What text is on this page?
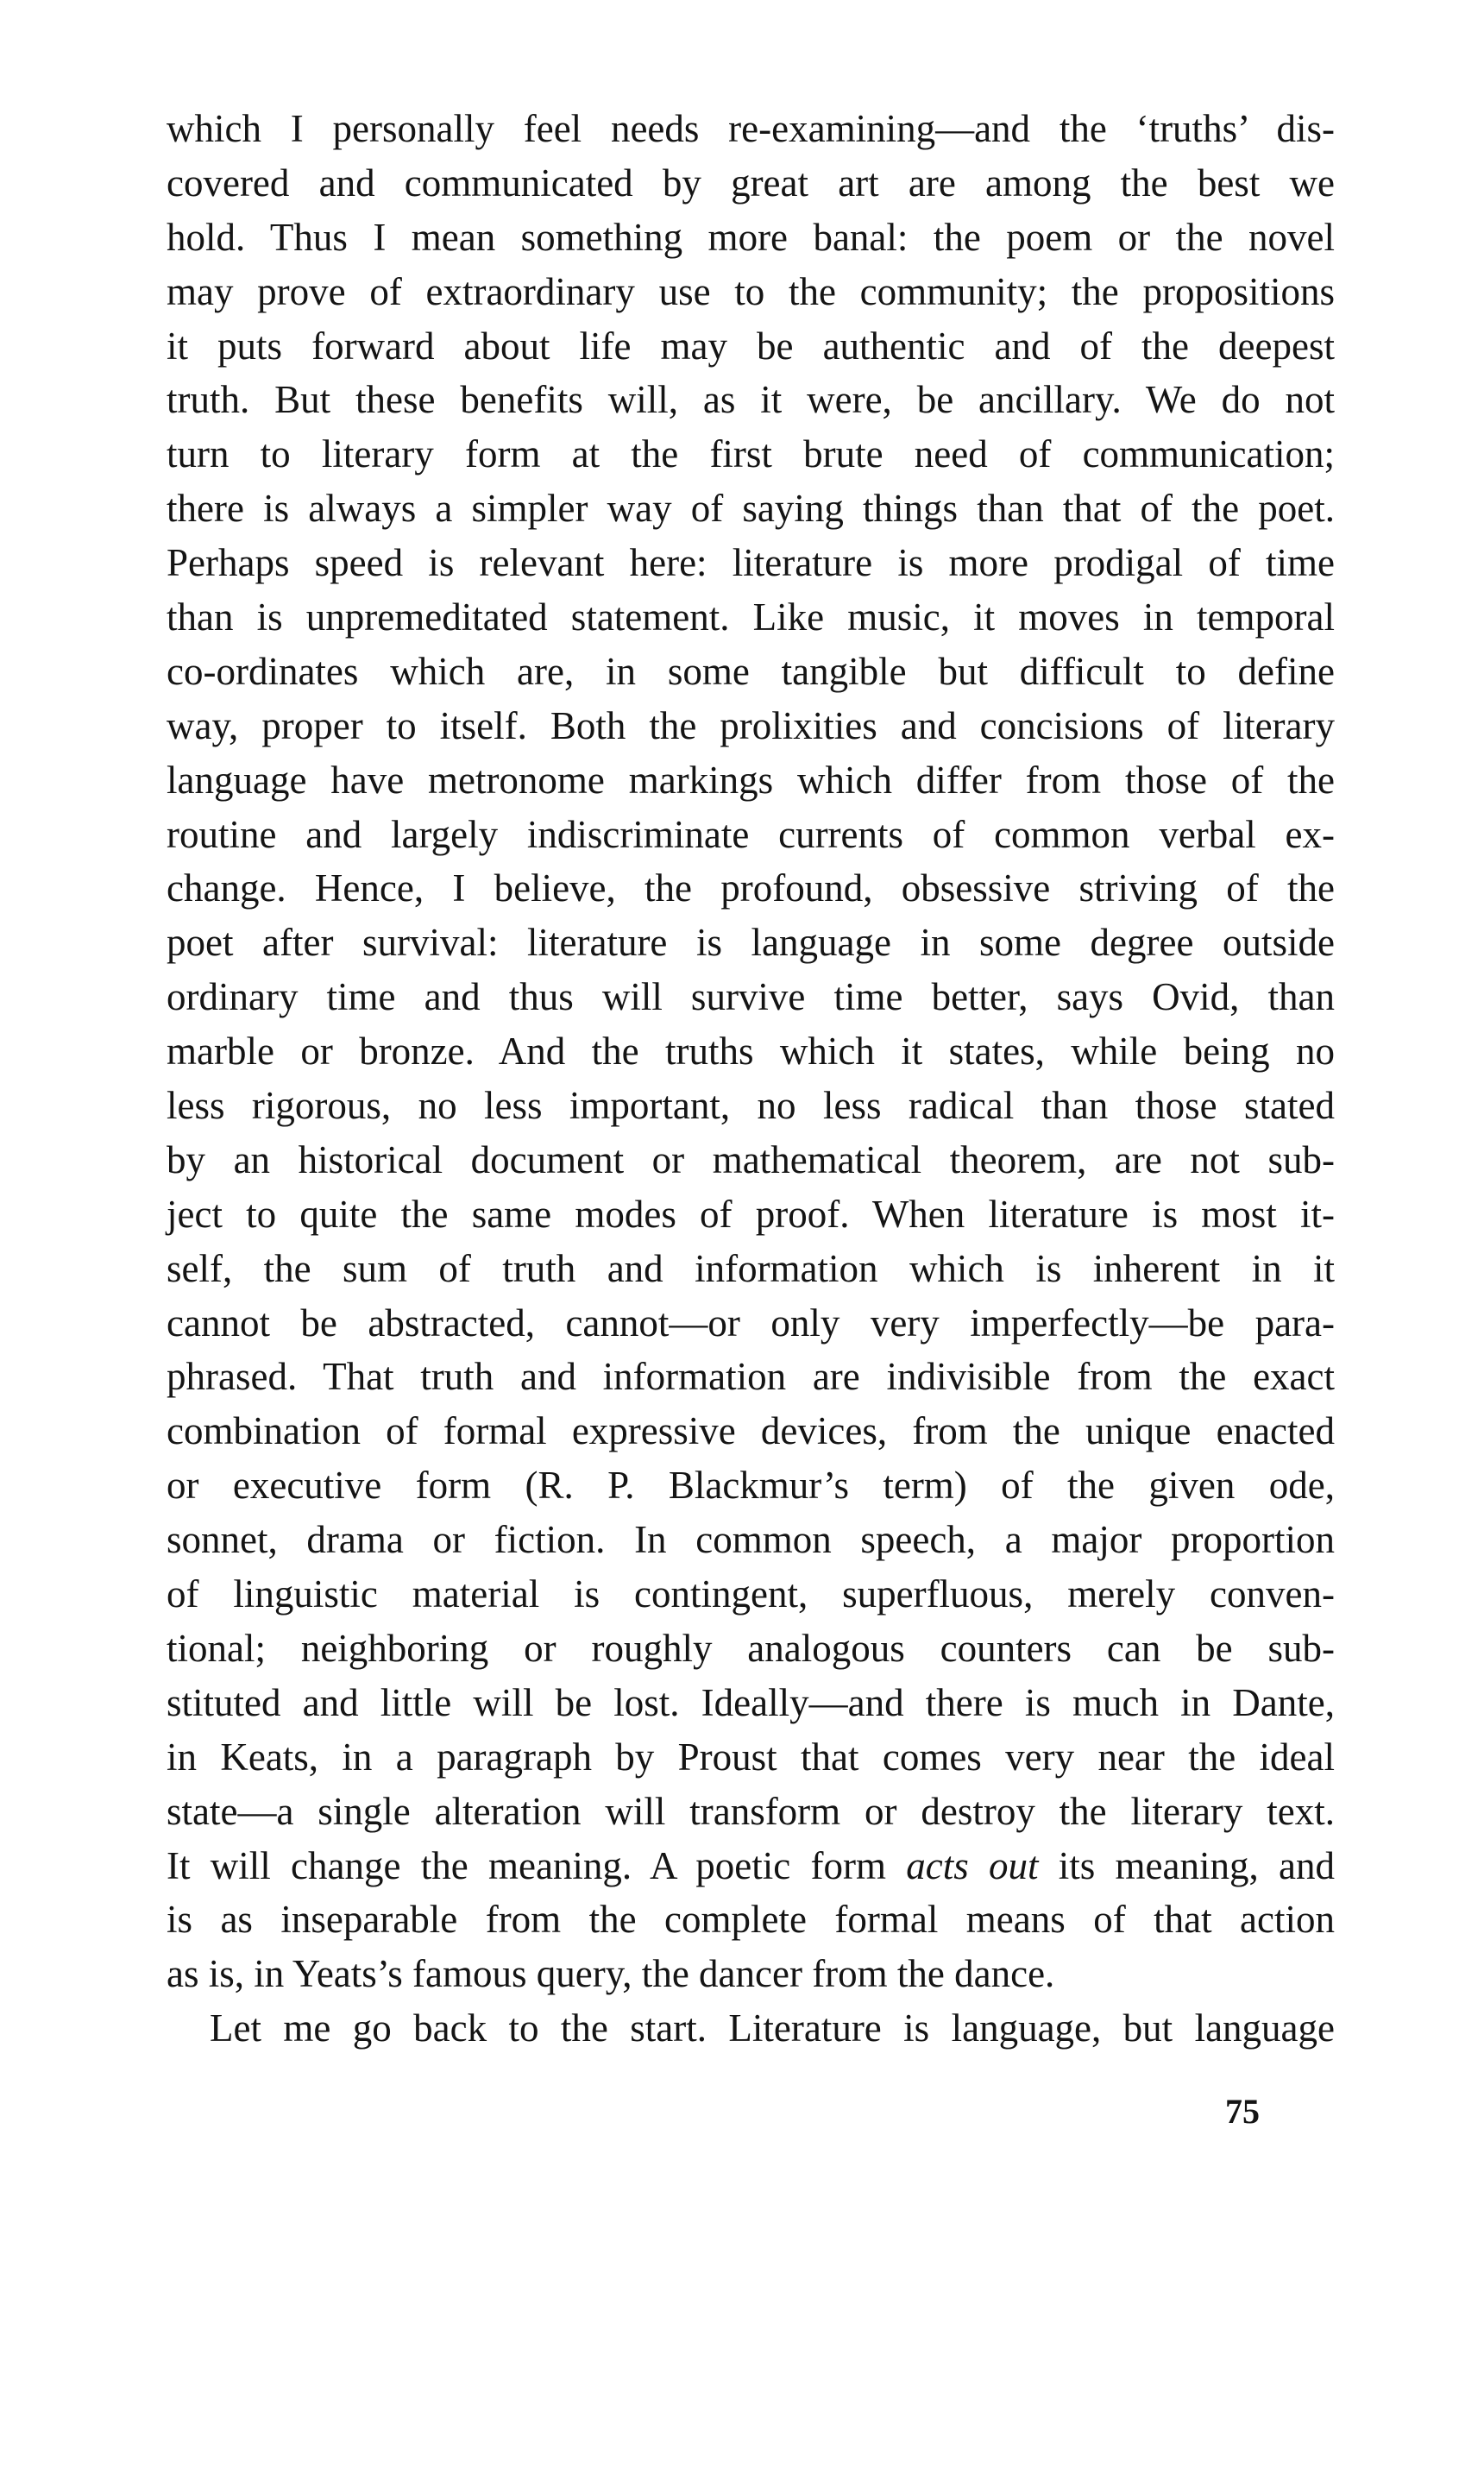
which I personally feel needs re-examining—and the ‘truths’ dis-
covered and communicated by great art are among the best we
hold. Thus I mean something more banal: the poem or the novel
may prove of extraordinary use to the community; the propositions
it puts forward about life may be authentic and of the deepest
truth. But these benefits will, as it were, be ancillary. We do not
turn to literary form at the first brute need of communication;
there is always a simpler way of saying things than that of the poet.
Perhaps speed is relevant here: literature is more prodigal of time
than is unpremeditated statement. Like music, it moves in temporal
co-ordinates which are, in some tangible but difficult to define
way, proper to itself. Both the prolixities and concisions of literary
language have metronome markings which differ from those of the
routine and largely indiscriminate currents of common verbal ex-
change. Hence, I believe, the profound, obsessive striving of the
poet after survival: literature is language in some degree outside
ordinary time and thus will survive time better, says Ovid, than
marble or bronze. And the truths which it states, while being no
less rigorous, no less important, no less radical than those stated
by an historical document or mathematical theorem, are not sub-
ject to quite the same modes of proof. When literature is most it-
self, the sum of truth and information which is inherent in it
cannot be abstracted, cannot—or only very imperfectly—be para-
phrased. That truth and information are indivisible from the exact
combination of formal expressive devices, from the unique enacted
or executive form (R. P. Blackmur’s term) of the given ode,
sonnet, drama or fiction. In common speech, a major proportion
of linguistic material is contingent, superfluous, merely conven-
tional; neighboring or roughly analogous counters can be sub-
stituted and little will be lost. Ideally—and there is much in Dante,
in Keats, in a paragraph by Proust that comes very near the ideal
state—a single alteration will transform or destroy the literary text.
It will change the meaning. A poetic form acts out its meaning, and
is as inseparable from the complete formal means of that action
as is, in Yeats’s famous query, the dancer from the dance.
Let me go back to the start. Literature is language, but language
75
